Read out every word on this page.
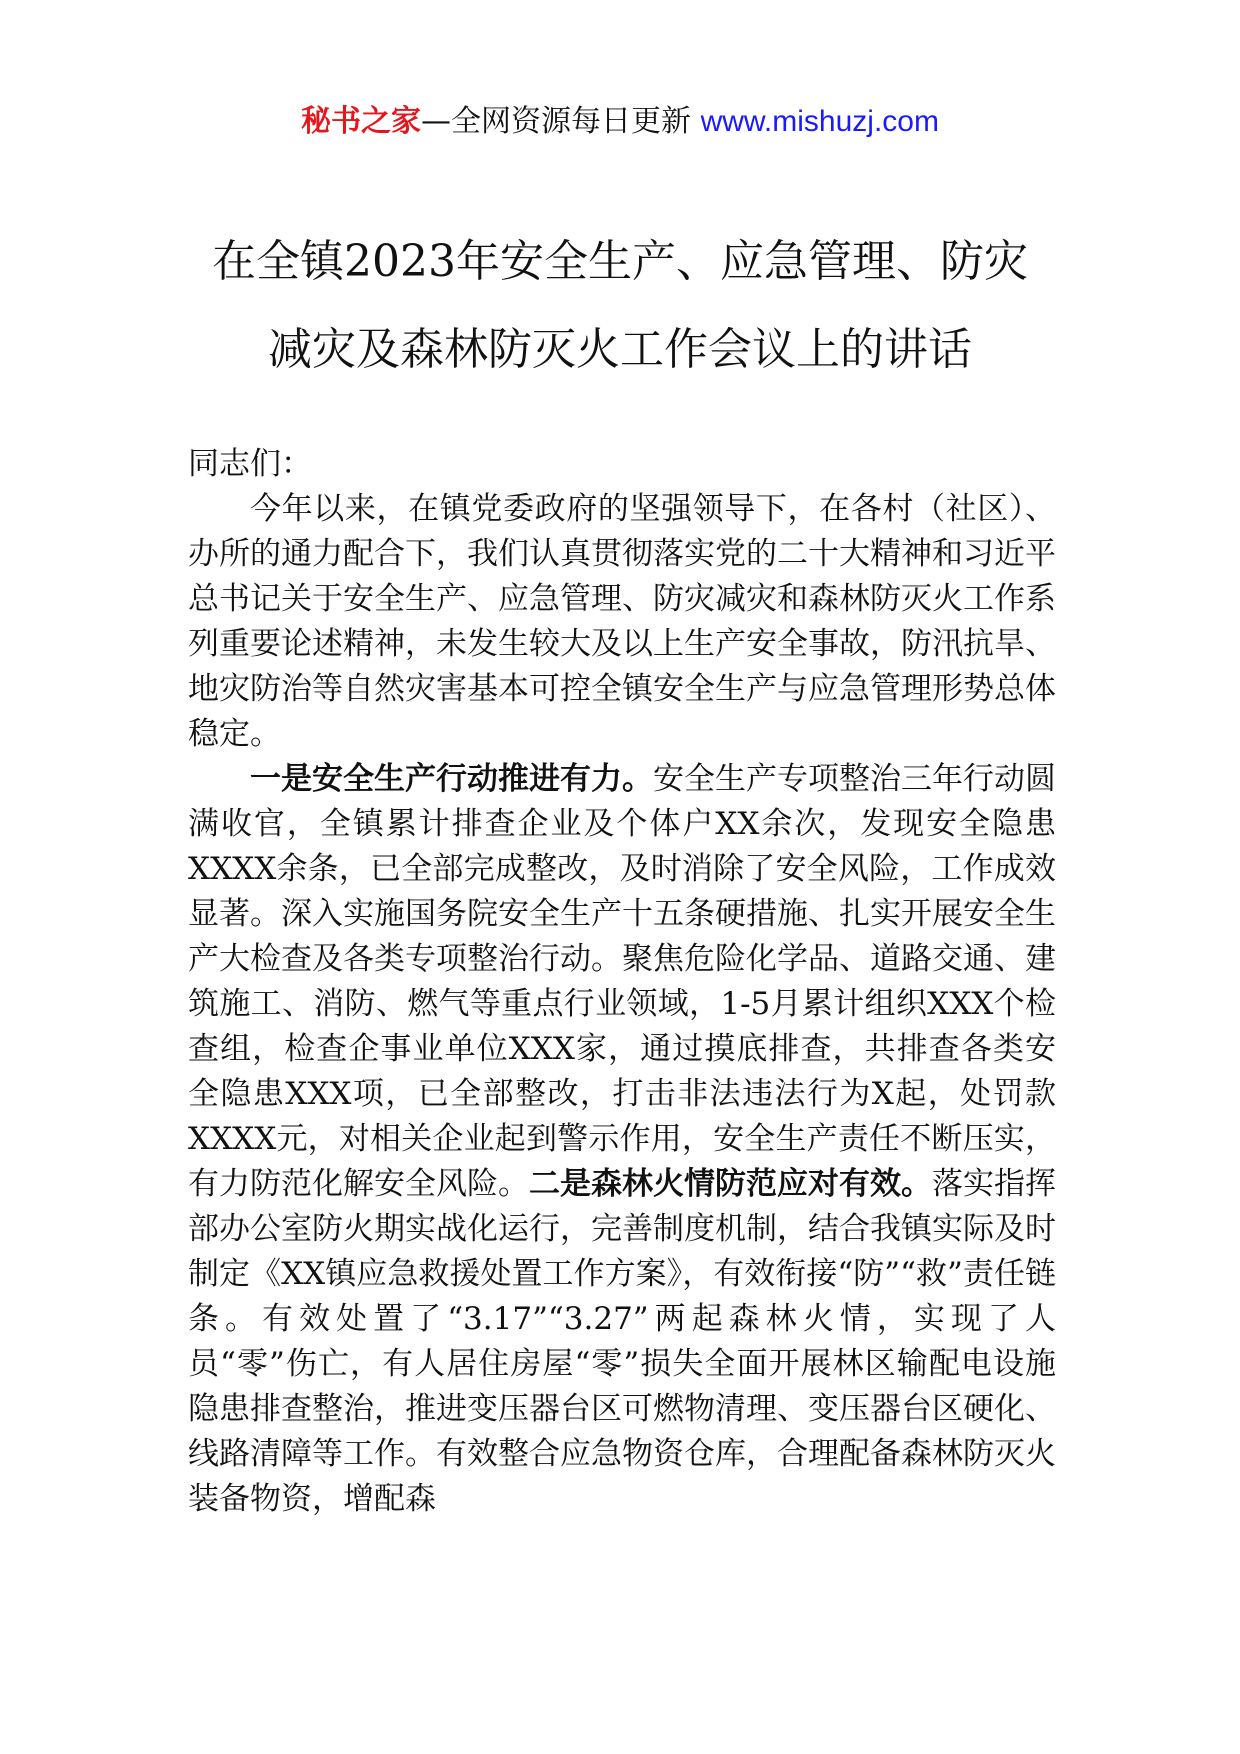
秘书之家—全网资源每日更新 www.mishuzj.com
在全镇2023年安全生产、应急管理、防灾
减灾及森林防灭火工作会议上的讲话

同志们：

今年以来，在镇党委政府的坚强领导下，在各村（社区）、办所的通力配合下，我们认真贯彻落实党的二十大精神和习近平总书记关于安全生产、应急管理、防灾减灾和森林防灭火工作系列重要论述精神，未发生较大及以上生产安全事故，防汛抗旱、地灾防治等自然灾害基本可控全镇安全生产与应急管理形势总体稳定。

一是安全生产行动推进有力。安全生产专项整治三年行动圆满收官，全镇累计排查企业及个体户XX余次，发现安全隐患XXXX余条，已全部完成整改，及时消除了安全风险，工作成效显著。深入实施国务院安全生产十五条硬措施、扎实开展安全生产大检查及各类专项整治行动。聚焦危险化学品、道路交通、建筑施工、消防、燃气等重点行业领域，1-5月累计组织XXX个检查组，检查企事业单位XXX家，通过摸底排查，共排查各类安全隐患XXX项，已全部整改，打击非法违法行为X起，处罚款XXXX元，对相关企业起到警示作用，安全生产责任不断压实，有力防范化解安全风险。二是森林火情防范应对有效。落实指挥部办公室防火期实战化运行，完善制度机制，结合我镇实际及时制定《XX镇应急救援处置工作方案》，有效衔接“防”“救”责任链条。有效处置了“3.17”“3.27”两起森林火情，实现了人员“零”伤亡，有人居住房屋“零”损失全面开展林区输配电设施隐患排查整治，推进变压器台区可燃物清理、变压器台区硬化、线路清障等工作。有效整合应急物资仓库，合理配备森林防灭火装备物资，增配森
